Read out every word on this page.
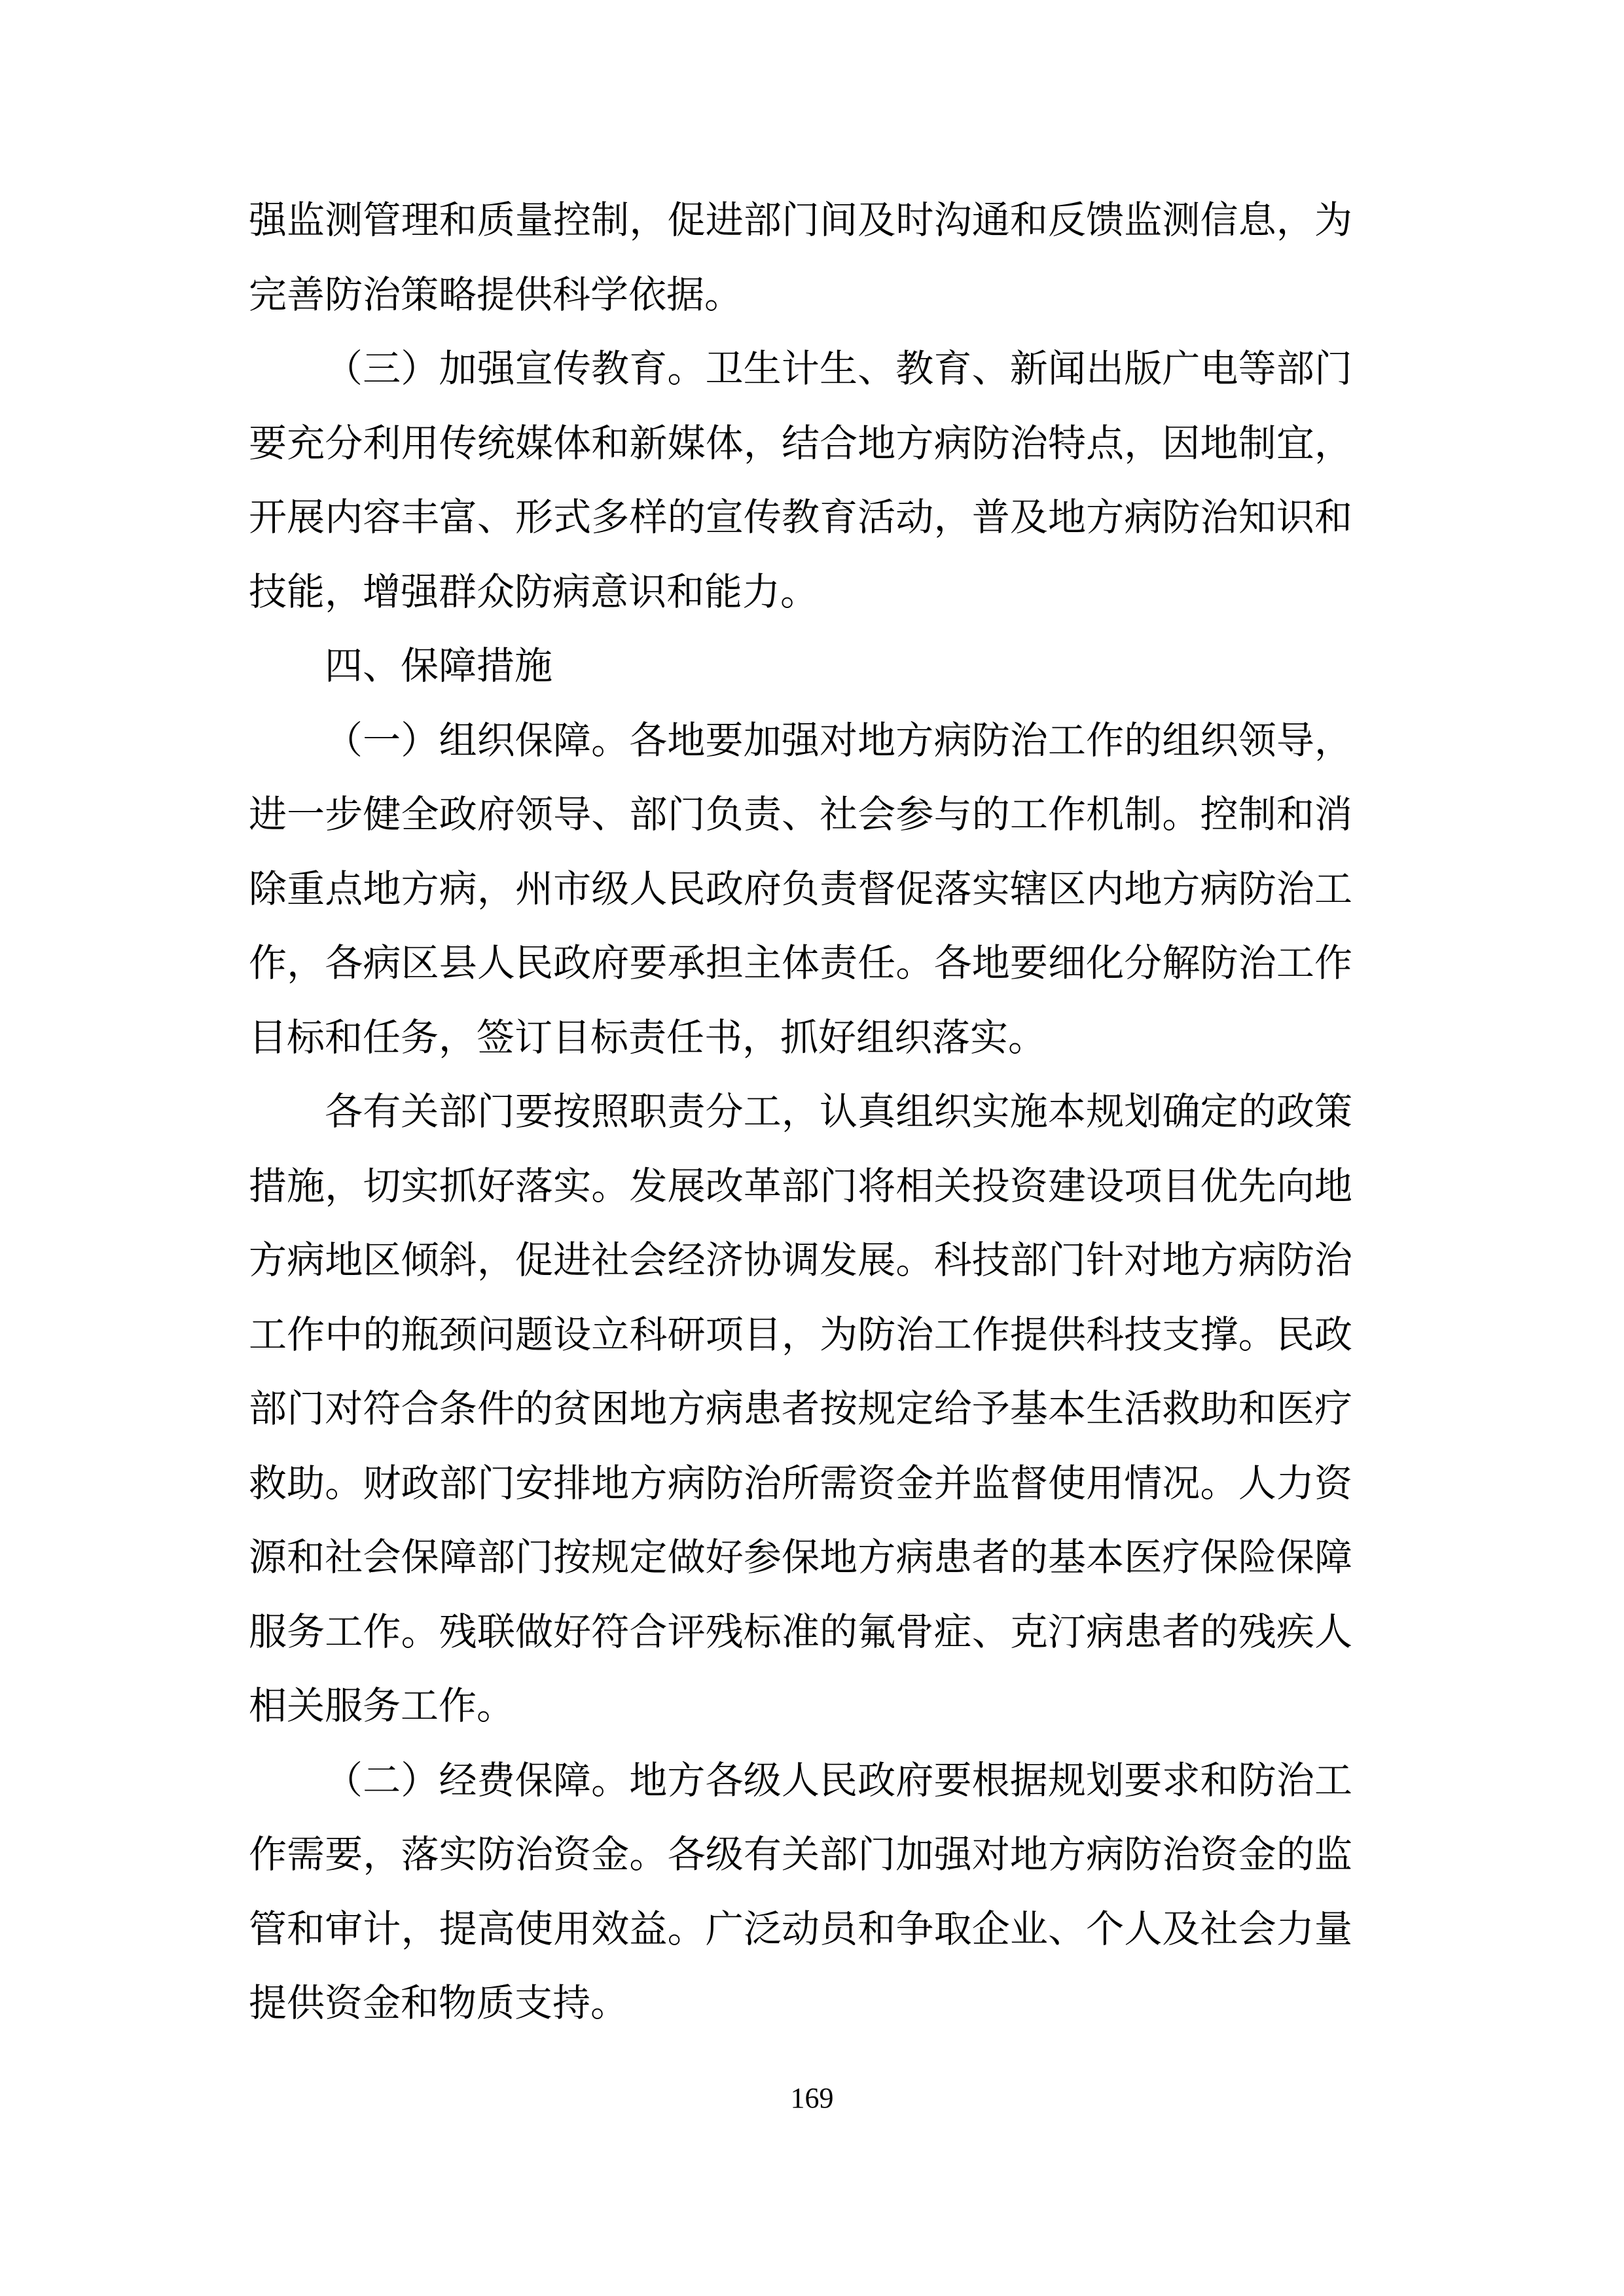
强监测管理和质量控制，促进部门间及时沟通和反馈监测信息，为完善防治策略提供科学依据。

（三）加强宣传教育。卫生计生、教育、新闻出版广电等部门要充分利用传统媒体和新媒体，结合地方病防治特点，因地制宜，开展内容丰富、形式多样的宣传教育活动，普及地方病防治知识和技能，增强群众防病意识和能力。

四、保障措施

（一）组织保障。各地要加强对地方病防治工作的组织领导，进一步健全政府领导、部门负责、社会参与的工作机制。控制和消除重点地方病，州市级人民政府负责督促落实辖区内地方病防治工作，各病区县人民政府要承担主体责任。各地要细化分解防治工作目标和任务，签订目标责任书，抓好组织落实。

各有关部门要按照职责分工，认真组织实施本规划确定的政策措施，切实抓好落实。发展改革部门将相关投资建设项目优先向地方病地区倾斜，促进社会经济协调发展。科技部门针对地方病防治工作中的瓶颈问题设立科研项目，为防治工作提供科技支撑。民政部门对符合条件的贫困地方病患者按规定给予基本生活救助和医疗救助。财政部门安排地方病防治所需资金并监督使用情况。人力资源和社会保障部门按规定做好参保地方病患者的基本医疗保险保障服务工作。残联做好符合评残标准的氟骨症、克汀病患者的残疾人相关服务工作。

（二）经费保障。地方各级人民政府要根据规划要求和防治工作需要，落实防治资金。各级有关部门加强对地方病防治资金的监管和审计，提高使用效益。广泛动员和争取企业、个人及社会力量提供资金和物质支持。

169
